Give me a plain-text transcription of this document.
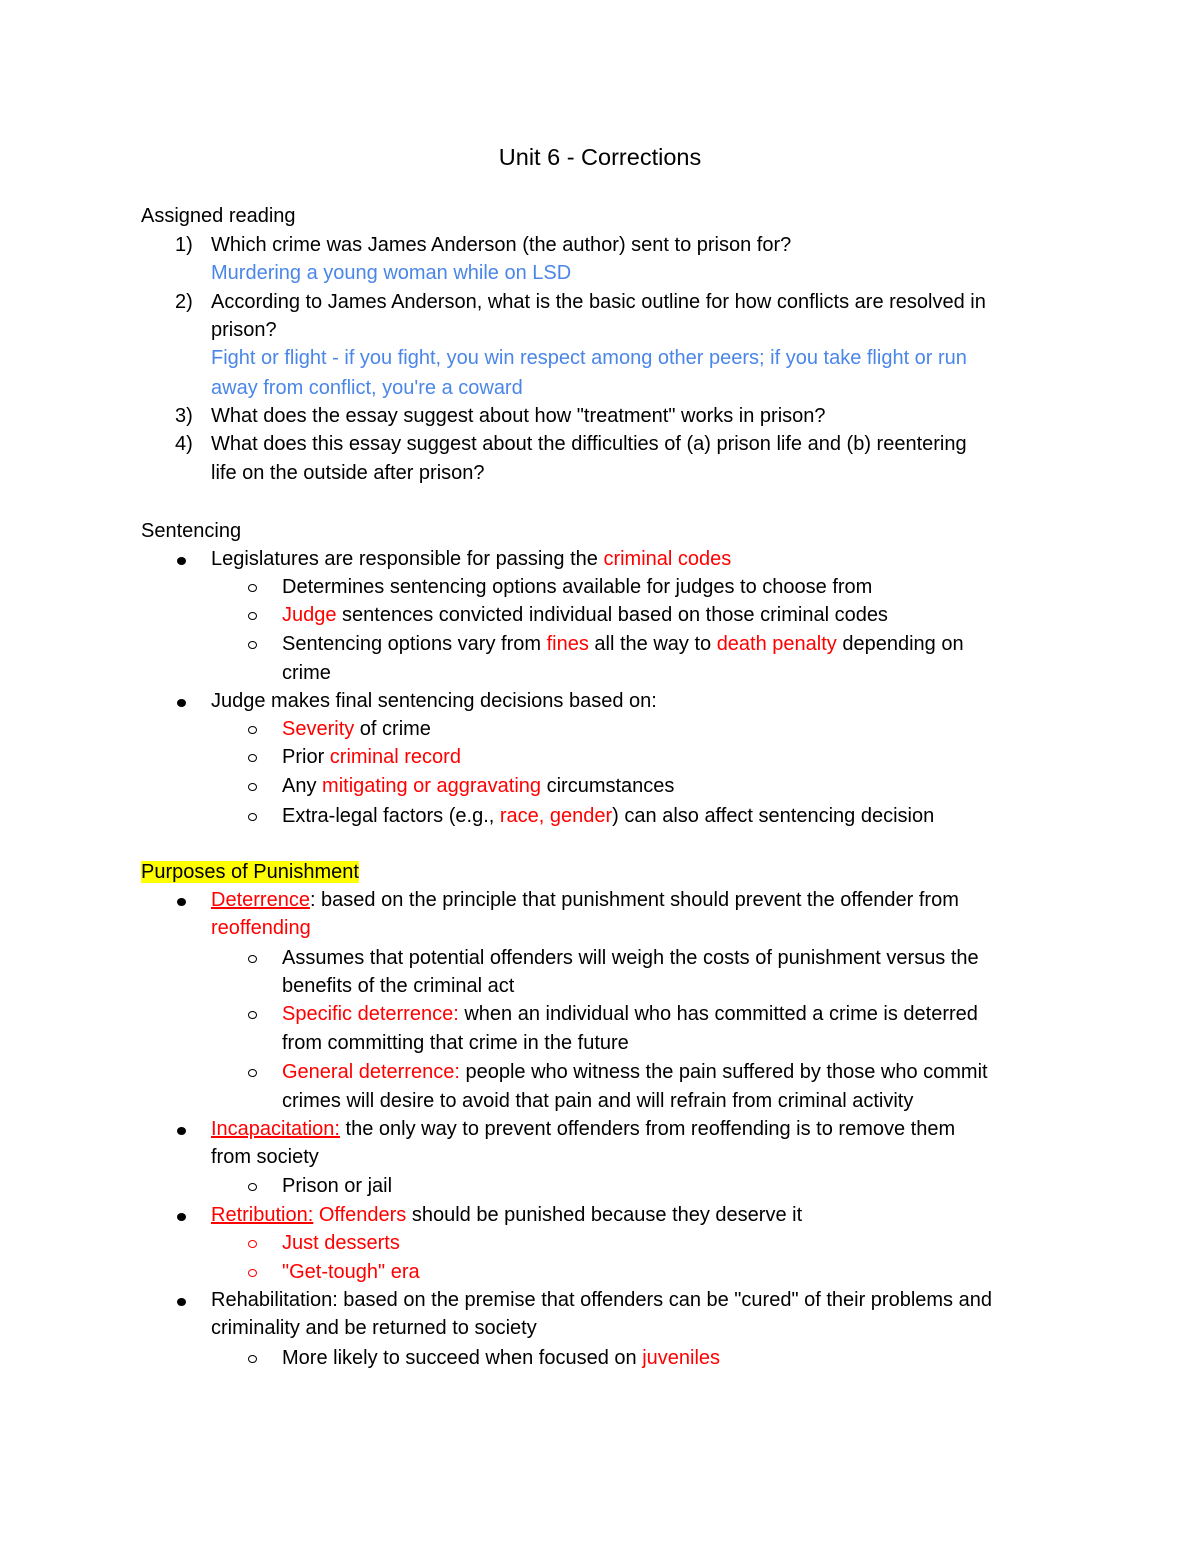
Unit 6 - Corrections
Assigned reading
1) Which crime was James Anderson (the author) sent to prison for?
Murdering a young woman while on LSD
2) According to James Anderson, what is the basic outline for how conflicts are resolved in
prison?
Fight or flight - if you fight, you win respect among other peers; if you take flight or run
away from conflict, you're a coward
3) What does the essay suggest about how "treatment" works in prison?
4) What does this essay suggest about the difficulties of (a) prison life and (b) reentering
life on the outside after prison?
Sentencing
Legislatures are responsible for passing the criminal codes
Determines sentencing options available for judges to choose from
Judge sentences convicted individual based on those criminal codes
Sentencing options vary from fines all the way to death penalty depending on
crime
Judge makes final sentencing decisions based on:
Severity of crime
Prior criminal record
Any mitigating or aggravating circumstances
Extra-legal factors (e.g., race, gender) can also affect sentencing decision
Purposes of Punishment
Deterrence: based on the principle that punishment should prevent the offender from
reoffending
Assumes that potential offenders will weigh the costs of punishment versus the
benefits of the criminal act
Specific deterrence: when an individual who has committed a crime is deterred
from committing that crime in the future
General deterrence: people who witness the pain suffered by those who commit
crimes will desire to avoid that pain and will refrain from criminal activity
Incapacitation: the only way to prevent offenders from reoffending is to remove them
from society
Prison or jail
Retribution: Offenders should be punished because they deserve it
Just desserts
"Get-tough" era
Rehabilitation: based on the premise that offenders can be "cured" of their problems and
criminality and be returned to society
More likely to succeed when focused on juveniles
